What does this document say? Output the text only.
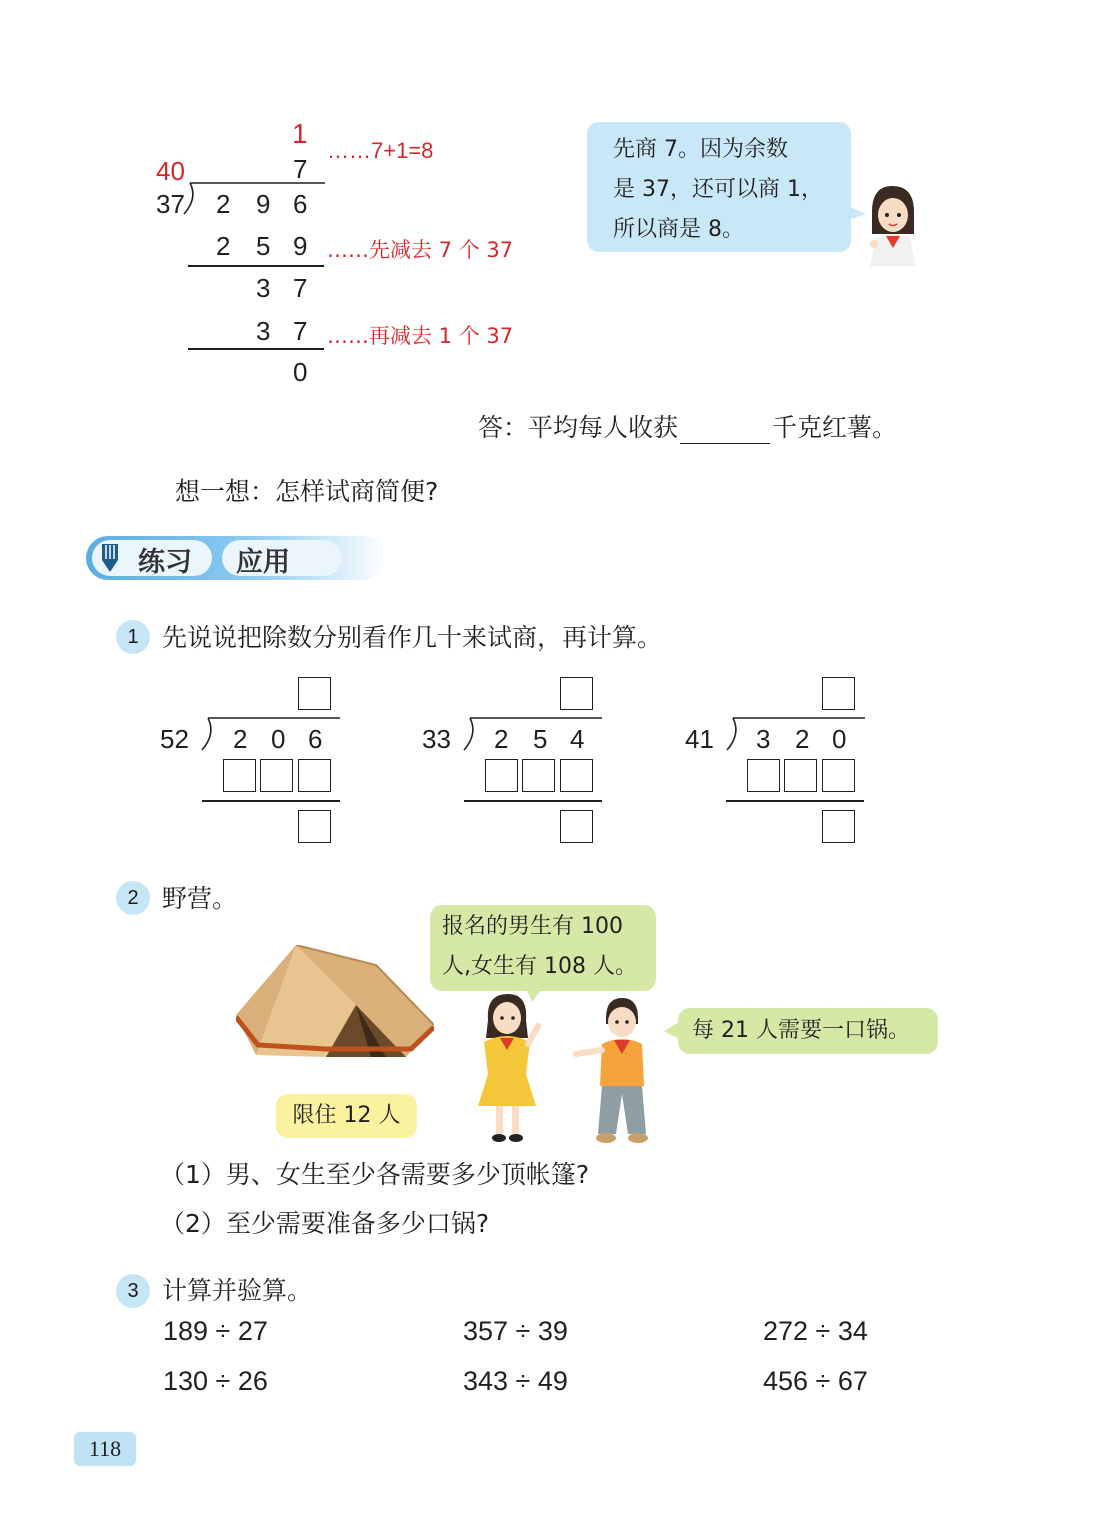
1
40	7
37 2 9 6
2 5 9 ……先减去 7 个 37
3 7
3 7 ……再减去 1 个 37
0
……7+1=8	先商 7。因为余数
是 37，还可以商 1，
所以商是 8。
答：平均每人收获	千克红薯。
想一想：怎样试商简便?
练习 应用
1 先说说把除数分别看作几十来试商，再计算。
52 2 0 6	33 2 5 4	41 3 2 0
2 野营。
限住 12 人
报名的男生有 100
人,女生有 108 人。
每 21 人需要一口锅。
（1）男、女生至少各需要多少顶帐篷?
（2）至少需要准备多少口锅?
3 计算并验算。
189 ÷ 27	357 ÷ 39	272 ÷ 34
130 ÷ 26	343 ÷ 49	456 ÷ 67
118
